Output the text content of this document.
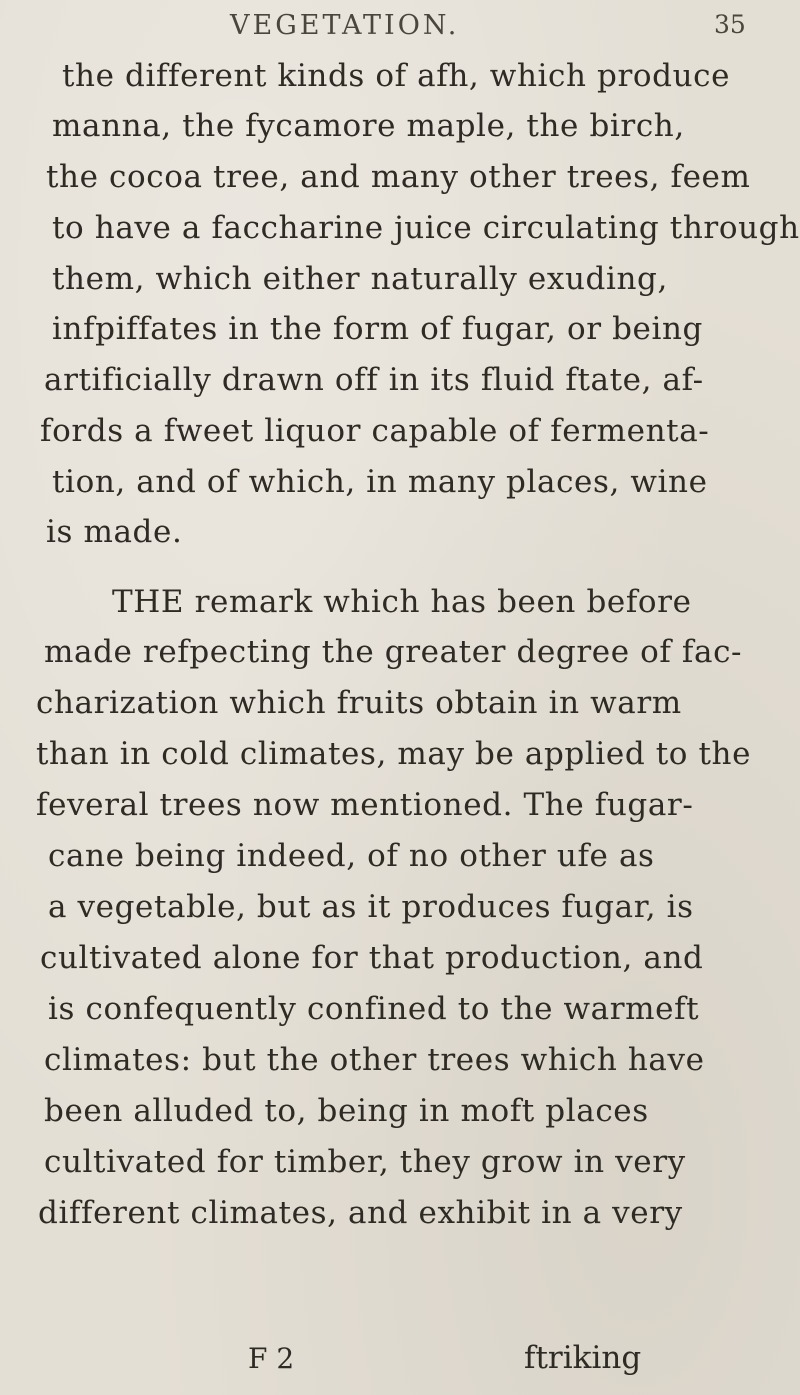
VEGETATION.	35
the different kinds of afh, which produce
manna, the fycamore maple, the birch,
the cocoa tree, and many other trees, feem
to have a faccharine juice circulating through
them, which either naturally exuding,
infpiffates in the form of fugar, or being
artificially drawn off in its fluid ftate, af-
fords a fweet liquor capable of fermenta-
tion, and of which, in many places, wine
is made.
THE remark which has been before
made refpecting the greater degree of fac-
charization which fruits obtain in warm
than in cold climates, may be applied to the
feveral trees now mentioned. The fugar-
cane being indeed, of no other ufe as
a vegetable, but as it produces fugar, is
cultivated alone for that production, and
is confequently confined to the warmeft
climates: but the other trees which have
been alluded to, being in moft places
cultivated for timber, they grow in very
different climates, and exhibit in a very
F 2	ftriking
